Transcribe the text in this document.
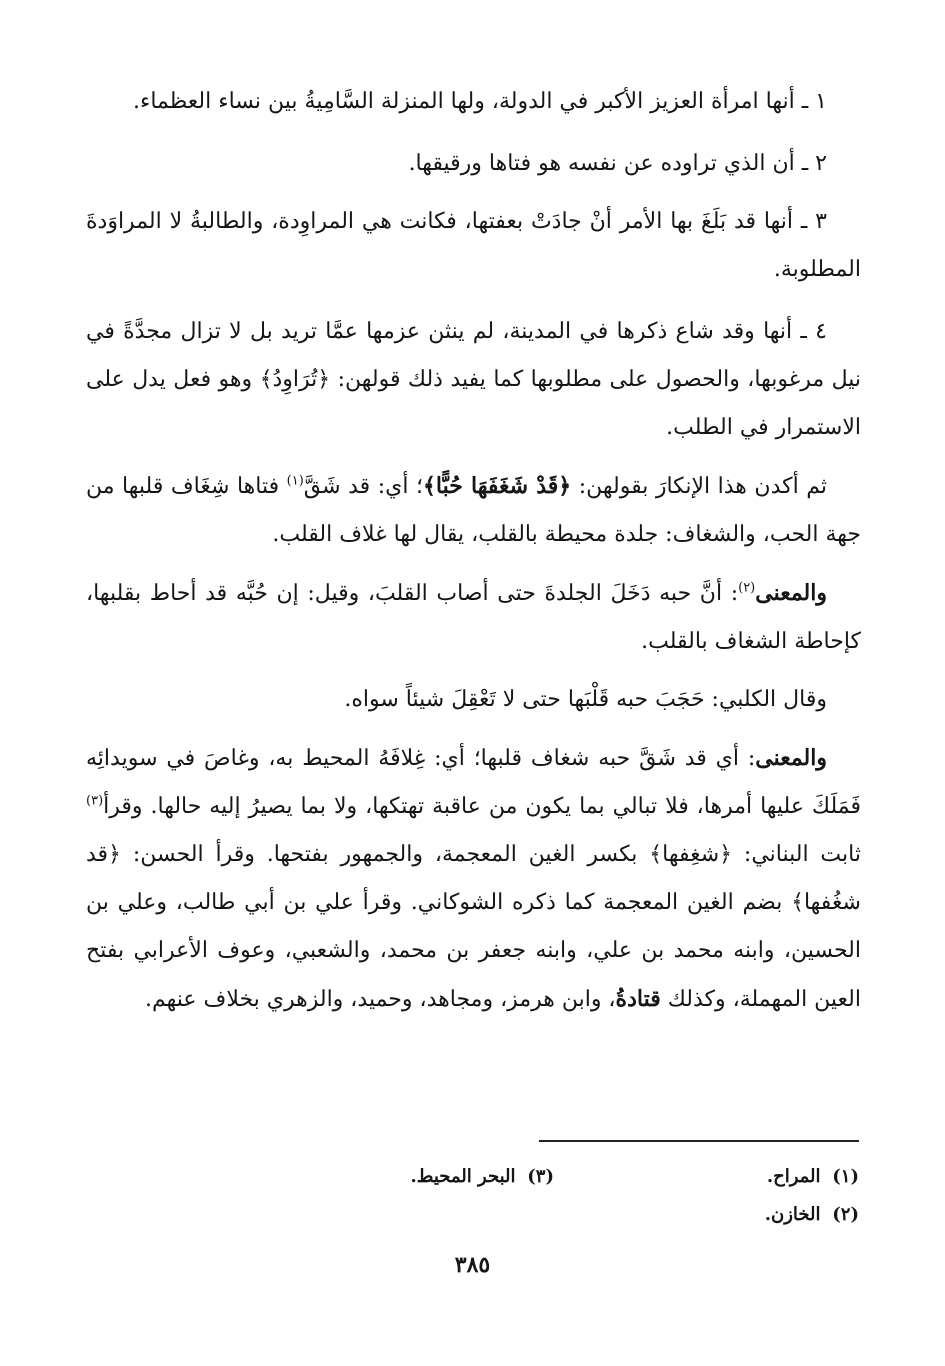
١ ـ أنها امرأة العزيز الأكبر في الدولة، ولها المنزلة السَّامِيةُ بين نساء العظماء.

٢ ـ أن الذي تراوده عن نفسه هو فتاها ورقيقها.

٣ ـ أنها قد بَلَغَ بها الأمر أنْ جادَتْ بعفتها، فكانت هي المراوِدة، والطالبةُ لا المراوَدةَ المطلوبة.

٤ ـ أنها وقد شاع ذكرها في المدينة، لم ينثن عزمها عمَّا تريد بل لا تزال مجدَّةً في نيل مرغوبها، والحصول على مطلوبها كما يفيد ذلك قولهن: ﴿تُرَاوِدُ﴾ وهو فعل يدل على الاستمرار في الطلب.

ثم أكدن هذا الإنكارَ بقولهن: ﴿قَدْ شَغَفَهَا حُبًّا﴾؛ أي: قد شَقَّ$^{(١)}$ فتاها شِغَاف قلبها من جهة الحب، والشغاف: جلدة محيطة بالقلب، يقال لها غلاف القلب.

والمعنى$^{(٢)}$: أنَّ حبه دَخَلَ الجلدةَ حتى أصاب القلبَ، وقيل: إن حُبَّه قد أحاط بقلبها، كإحاطة الشغاف بالقلب.

وقال الكلبي: حَجَبَ حبه قَلْبَها حتى لا تَعْقِلَ شيئاً سواه.

والمعنى: أي قد شَقَّ حبه شغاف قلبها؛ أي: غِلافَهُ المحيط به، وغاصَ في سويدائِه فَمَلَكَ عليها أمرها، فلا تبالي بما يكون من عاقبة تهتكها، ولا بما يصيرُ إليه حالها. وقرأ$^{(٣)}$ ثابت البناني: ﴿شغِفها﴾ بكسر الغين المعجمة، والجمهور بفتحها. وقرأ الحسن: ﴿قد شغُفها﴾ بضم الغين المعجمة كما ذكره الشوكاني. وقرأ علي بن أبي طالب، وعلي بن الحسين، وابنه محمد بن علي، وابنه جعفر بن محمد، والشعبي، وعوف الأعرابي بفتح العين المهملة، وكذلك قتادةُ، وابن هرمز، ومجاهد، وحميد، والزهري بخلاف عنهم.

(١) المراح.
(٣) البحر المحيط.
(٢) الخازن.
٣٨٥
